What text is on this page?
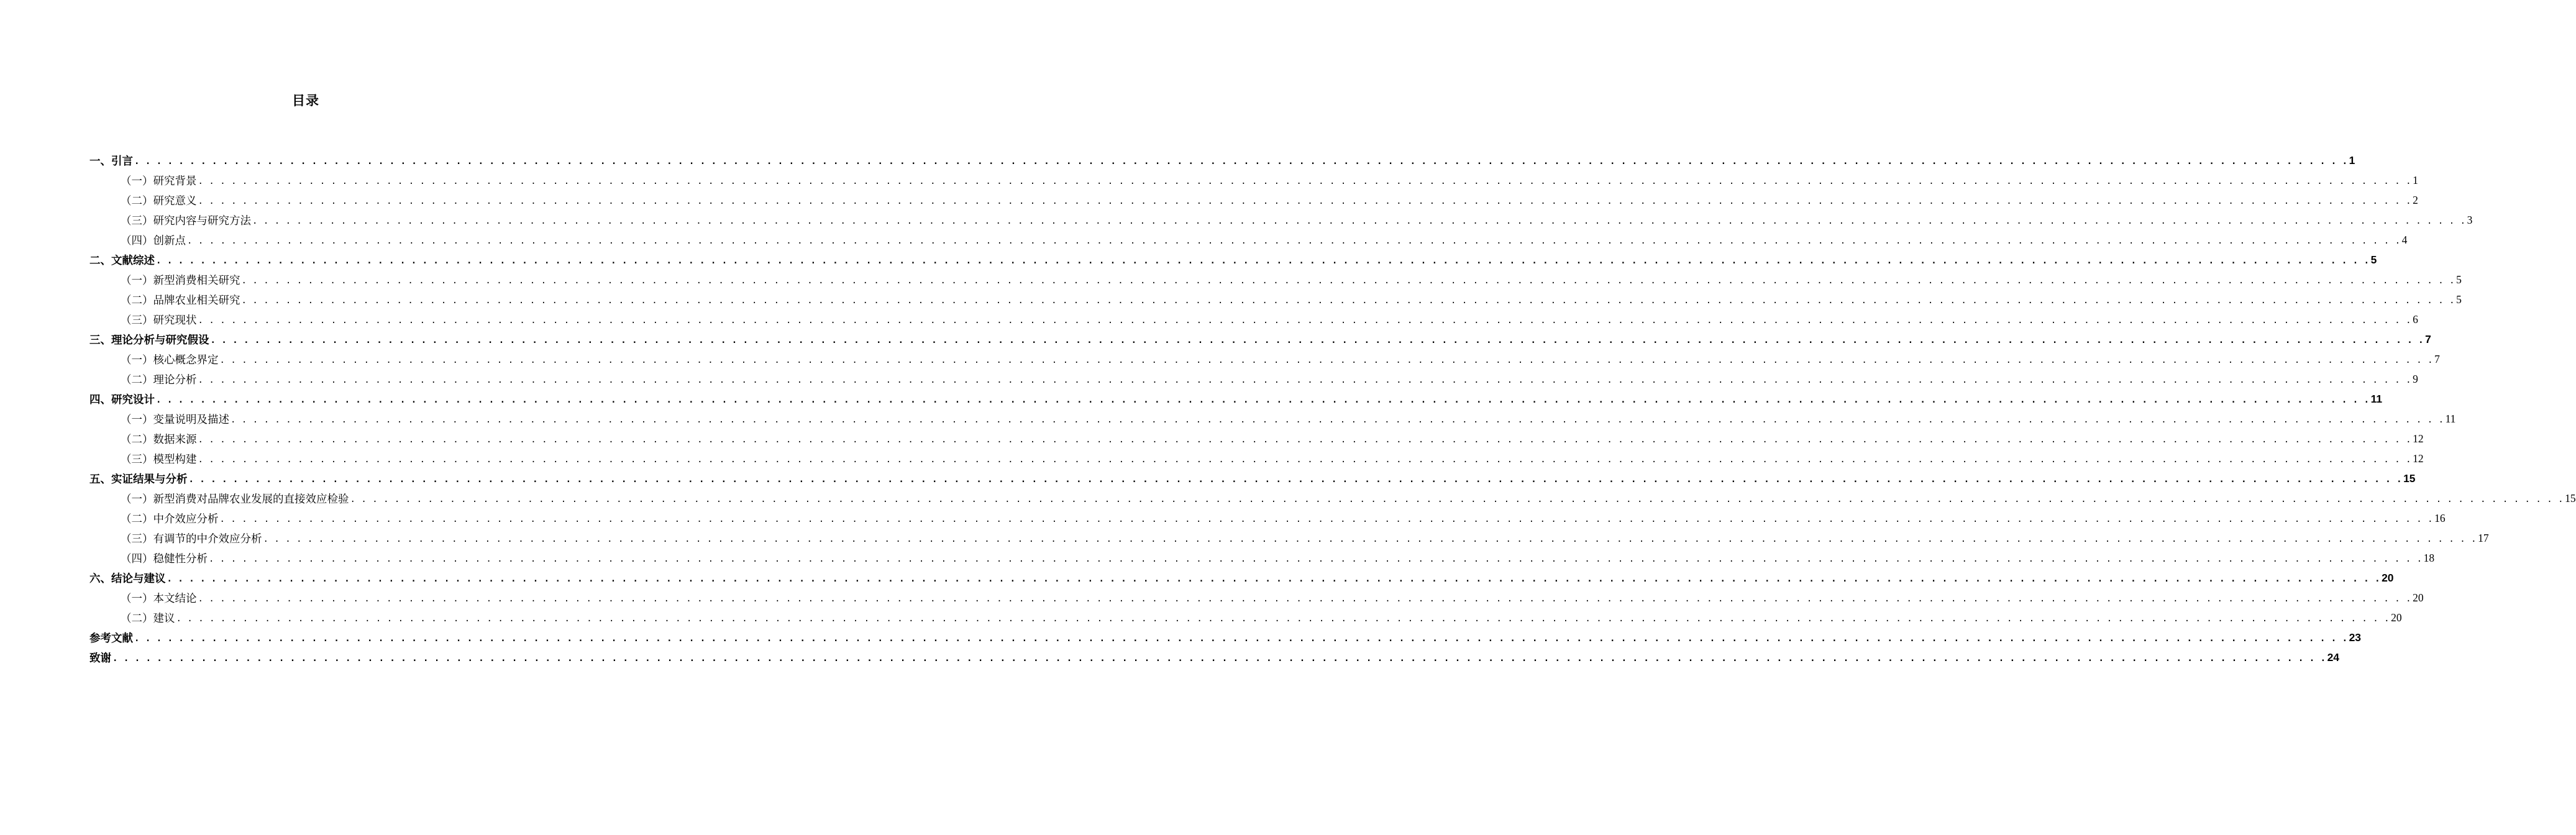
目录
一、引言 . . . . . . . . . . . . . . . . . . . . . . . . . . . . . . . . . . . . . . . . . . . . . . . . . . . . . . . . . . . . . . . . . . . . . . . . . . . . . . . . . . . . . . . . . . . . . . . . . . . . . . . . . . . . . . . . . . . . . . . . . . . . . . . . . . . . . . . . . . . . . . . . . . . . . . . . . . . . . . . . . . . . . . . . . . . . . . . . . . . . . . . . . . . . . . . . . . . . . . . . 1
（一）研究背景 . . . . . . . . . . . . . . . . . . . . . . . . . . . . . . . . . . . . . . . . . . . . . . . . . . . . . . . . . . . . . . . . . . . . . . . . . . . . . . . . . . . . . . . . . . . . . . . . . . . . . . . . . . . . . . . . . . . . . . . . . . . . . . . . . . . . . . . . . . . . . . . . . . . . . . . . . . . . . . . . . . . . . . . . . . . . . . . . . . . . . . . . . . . . . . . . . . . . . . . . 1
（二）研究意义 . . . . . . . . . . . . . . . . . . . . . . . . . . . . . . . . . . . . . . . . . . . . . . . . . . . . . . . . . . . . . . . . . . . . . . . . . . . . . . . . . . . . . . . . . . . . . . . . . . . . . . . . . . . . . . . . . . . . . . . . . . . . . . . . . . . . . . . . . . . . . . . . . . . . . . . . . . . . . . . . . . . . . . . . . . . . . . . . . . . . . . . . . . . . . . . . . . . . . . . . 2
（三）研究内容与研究方法 . . . . . . . . . . . . . . . . . . . . . . . . . . . . . . . . . . . . . . . . . . . . . . . . . . . . . . . . . . . . . . . . . . . . . . . . . . . . . . . . . . . . . . . . . . . . . . . . . . . . . . . . . . . . . . . . . . . . . . . . . . . . . . . . . . . . . . . . . . . . . . . . . . . . . . . . . . . . . . . . . . . . . . . . . . . . . . . . . . . . . . . . . . . . . . . . . . . . . . . . 3
（四）创新点 . . . . . . . . . . . . . . . . . . . . . . . . . . . . . . . . . . . . . . . . . . . . . . . . . . . . . . . . . . . . . . . . . . . . . . . . . . . . . . . . . . . . . . . . . . . . . . . . . . . . . . . . . . . . . . . . . . . . . . . . . . . . . . . . . . . . . . . . . . . . . . . . . . . . . . . . . . . . . . . . . . . . . . . . . . . . . . . . . . . . . . . . . . . . . . . . . . . . . . . . 4
二、文献综述 . . . . . . . . . . . . . . . . . . . . . . . . . . . . . . . . . . . . . . . . . . . . . . . . . . . . . . . . . . . . . . . . . . . . . . . . . . . . . . . . . . . . . . . . . . . . . . . . . . . . . . . . . . . . . . . . . . . . . . . . . . . . . . . . . . . . . . . . . . . . . . . . . . . . . . . . . . . . . . . . . . . . . . . . . . . . . . . . . . . . . . . . . . . . . . . . . . . . . . . . 5
（一）新型消费相关研究 . . . . . . . . . . . . . . . . . . . . . . . . . . . . . . . . . . . . . . . . . . . . . . . . . . . . . . . . . . . . . . . . . . . . . . . . . . . . . . . . . . . . . . . . . . . . . . . . . . . . . . . . . . . . . . . . . . . . . . . . . . . . . . . . . . . . . . . . . . . . . . . . . . . . . . . . . . . . . . . . . . . . . . . . . . . . . . . . . . . . . . . . . . . . . . . . . . . . . . . . 5
（二）品牌农业相关研究 . . . . . . . . . . . . . . . . . . . . . . . . . . . . . . . . . . . . . . . . . . . . . . . . . . . . . . . . . . . . . . . . . . . . . . . . . . . . . . . . . . . . . . . . . . . . . . . . . . . . . . . . . . . . . . . . . . . . . . . . . . . . . . . . . . . . . . . . . . . . . . . . . . . . . . . . . . . . . . . . . . . . . . . . . . . . . . . . . . . . . . . . . . . . . . . . . . . . . . . . 5
（三）研究现状 . . . . . . . . . . . . . . . . . . . . . . . . . . . . . . . . . . . . . . . . . . . . . . . . . . . . . . . . . . . . . . . . . . . . . . . . . . . . . . . . . . . . . . . . . . . . . . . . . . . . . . . . . . . . . . . . . . . . . . . . . . . . . . . . . . . . . . . . . . . . . . . . . . . . . . . . . . . . . . . . . . . . . . . . . . . . . . . . . . . . . . . . . . . . . . . . . . . . . . . . 6
三、理论分析与研究假设 . . . . . . . . . . . . . . . . . . . . . . . . . . . . . . . . . . . . . . . . . . . . . . . . . . . . . . . . . . . . . . . . . . . . . . . . . . . . . . . . . . . . . . . . . . . . . . . . . . . . . . . . . . . . . . . . . . . . . . . . . . . . . . . . . . . . . . . . . . . . . . . . . . . . . . . . . . . . . . . . . . . . . . . . . . . . . . . . . . . . . . . . . . . . . . . . . . . . . . . . 7
（一）核心概念界定 . . . . . . . . . . . . . . . . . . . . . . . . . . . . . . . . . . . . . . . . . . . . . . . . . . . . . . . . . . . . . . . . . . . . . . . . . . . . . . . . . . . . . . . . . . . . . . . . . . . . . . . . . . . . . . . . . . . . . . . . . . . . . . . . . . . . . . . . . . . . . . . . . . . . . . . . . . . . . . . . . . . . . . . . . . . . . . . . . . . . . . . . . . . . . . . . . . . . . . . . 7
（二）理论分析 . . . . . . . . . . . . . . . . . . . . . . . . . . . . . . . . . . . . . . . . . . . . . . . . . . . . . . . . . . . . . . . . . . . . . . . . . . . . . . . . . . . . . . . . . . . . . . . . . . . . . . . . . . . . . . . . . . . . . . . . . . . . . . . . . . . . . . . . . . . . . . . . . . . . . . . . . . . . . . . . . . . . . . . . . . . . . . . . . . . . . . . . . . . . . . . . . . . . . . . . 9
四、研究设计 . . . . . . . . . . . . . . . . . . . . . . . . . . . . . . . . . . . . . . . . . . . . . . . . . . . . . . . . . . . . . . . . . . . . . . . . . . . . . . . . . . . . . . . . . . . . . . . . . . . . . . . . . . . . . . . . . . . . . . . . . . . . . . . . . . . . . . . . . . . . . . . . . . . . . . . . . . . . . . . . . . . . . . . . . . . . . . . . . . . . . . . . . . . . . . . . . . . . . . . . 11
（一）变量说明及描述 . . . . . . . . . . . . . . . . . . . . . . . . . . . . . . . . . . . . . . . . . . . . . . . . . . . . . . . . . . . . . . . . . . . . . . . . . . . . . . . . . . . . . . . . . . . . . . . . . . . . . . . . . . . . . . . . . . . . . . . . . . . . . . . . . . . . . . . . . . . . . . . . . . . . . . . . . . . . . . . . . . . . . . . . . . . . . . . . . . . . . . . . . . . . . . . . . . . . . . . . 11
（二）数据来源 . . . . . . . . . . . . . . . . . . . . . . . . . . . . . . . . . . . . . . . . . . . . . . . . . . . . . . . . . . . . . . . . . . . . . . . . . . . . . . . . . . . . . . . . . . . . . . . . . . . . . . . . . . . . . . . . . . . . . . . . . . . . . . . . . . . . . . . . . . . . . . . . . . . . . . . . . . . . . . . . . . . . . . . . . . . . . . . . . . . . . . . . . . . . . . . . . . . . . . . . 12
（三）模型构建 . . . . . . . . . . . . . . . . . . . . . . . . . . . . . . . . . . . . . . . . . . . . . . . . . . . . . . . . . . . . . . . . . . . . . . . . . . . . . . . . . . . . . . . . . . . . . . . . . . . . . . . . . . . . . . . . . . . . . . . . . . . . . . . . . . . . . . . . . . . . . . . . . . . . . . . . . . . . . . . . . . . . . . . . . . . . . . . . . . . . . . . . . . . . . . . . . . . . . . . . 12
五、实证结果与分析 . . . . . . . . . . . . . . . . . . . . . . . . . . . . . . . . . . . . . . . . . . . . . . . . . . . . . . . . . . . . . . . . . . . . . . . . . . . . . . . . . . . . . . . . . . . . . . . . . . . . . . . . . . . . . . . . . . . . . . . . . . . . . . . . . . . . . . . . . . . . . . . . . . . . . . . . . . . . . . . . . . . . . . . . . . . . . . . . . . . . . . . . . . . . . . . . . . . . . . . . 15
（一）新型消费对品牌农业发展的直接效应检验 . . . . . . . . . . . . . . . . . . . . . . . . . . . . . . . . . . . . . . . . . . . . . . . . . . . . . . . . . . . . . . . . . . . . . . . . . . . . . . . . . . . . . . . . . . . . . . . . . . . . . . . . . . . . . . . . . . . . . . . . . . . . . . . . . . . . . . . . . . . . . . . . . . . . . . . . . . . . . . . . . . . . . . . . . . . . . . . . . . . . . . . . . . . . . . . . . . . . . . . . 15
（二）中介效应分析 . . . . . . . . . . . . . . . . . . . . . . . . . . . . . . . . . . . . . . . . . . . . . . . . . . . . . . . . . . . . . . . . . . . . . . . . . . . . . . . . . . . . . . . . . . . . . . . . . . . . . . . . . . . . . . . . . . . . . . . . . . . . . . . . . . . . . . . . . . . . . . . . . . . . . . . . . . . . . . . . . . . . . . . . . . . . . . . . . . . . . . . . . . . . . . . . . . . . . . . . 16
（三）有调节的中介效应分析 . . . . . . . . . . . . . . . . . . . . . . . . . . . . . . . . . . . . . . . . . . . . . . . . . . . . . . . . . . . . . . . . . . . . . . . . . . . . . . . . . . . . . . . . . . . . . . . . . . . . . . . . . . . . . . . . . . . . . . . . . . . . . . . . . . . . . . . . . . . . . . . . . . . . . . . . . . . . . . . . . . . . . . . . . . . . . . . . . . . . . . . . . . . . . . . . . . . . . . . . 17
（四）稳健性分析 . . . . . . . . . . . . . . . . . . . . . . . . . . . . . . . . . . . . . . . . . . . . . . . . . . . . . . . . . . . . . . . . . . . . . . . . . . . . . . . . . . . . . . . . . . . . . . . . . . . . . . . . . . . . . . . . . . . . . . . . . . . . . . . . . . . . . . . . . . . . . . . . . . . . . . . . . . . . . . . . . . . . . . . . . . . . . . . . . . . . . . . . . . . . . . . . . . . . . . . . 18
六、结论与建议 . . . . . . . . . . . . . . . . . . . . . . . . . . . . . . . . . . . . . . . . . . . . . . . . . . . . . . . . . . . . . . . . . . . . . . . . . . . . . . . . . . . . . . . . . . . . . . . . . . . . . . . . . . . . . . . . . . . . . . . . . . . . . . . . . . . . . . . . . . . . . . . . . . . . . . . . . . . . . . . . . . . . . . . . . . . . . . . . . . . . . . . . . . . . . . . . . . . . . . . . 20
（一）本文结论 . . . . . . . . . . . . . . . . . . . . . . . . . . . . . . . . . . . . . . . . . . . . . . . . . . . . . . . . . . . . . . . . . . . . . . . . . . . . . . . . . . . . . . . . . . . . . . . . . . . . . . . . . . . . . . . . . . . . . . . . . . . . . . . . . . . . . . . . . . . . . . . . . . . . . . . . . . . . . . . . . . . . . . . . . . . . . . . . . . . . . . . . . . . . . . . . . . . . . . . . 20
（二）建议 . . . . . . . . . . . . . . . . . . . . . . . . . . . . . . . . . . . . . . . . . . . . . . . . . . . . . . . . . . . . . . . . . . . . . . . . . . . . . . . . . . . . . . . . . . . . . . . . . . . . . . . . . . . . . . . . . . . . . . . . . . . . . . . . . . . . . . . . . . . . . . . . . . . . . . . . . . . . . . . . . . . . . . . . . . . . . . . . . . . . . . . . . . . . . . . . . . . . . . . . 20
参考文献 . . . . . . . . . . . . . . . . . . . . . . . . . . . . . . . . . . . . . . . . . . . . . . . . . . . . . . . . . . . . . . . . . . . . . . . . . . . . . . . . . . . . . . . . . . . . . . . . . . . . . . . . . . . . . . . . . . . . . . . . . . . . . . . . . . . . . . . . . . . . . . . . . . . . . . . . . . . . . . . . . . . . . . . . . . . . . . . . . . . . . . . . . . . . . . . . . . . . . . . . 23
致谢 . . . . . . . . . . . . . . . . . . . . . . . . . . . . . . . . . . . . . . . . . . . . . . . . . . . . . . . . . . . . . . . . . . . . . . . . . . . . . . . . . . . . . . . . . . . . . . . . . . . . . . . . . . . . . . . . . . . . . . . . . . . . . . . . . . . . . . . . . . . . . . . . . . . . . . . . . . . . . . . . . . . . . . . . . . . . . . . . . . . . . . . . . . . . . . . . . . . . . . . . 24
